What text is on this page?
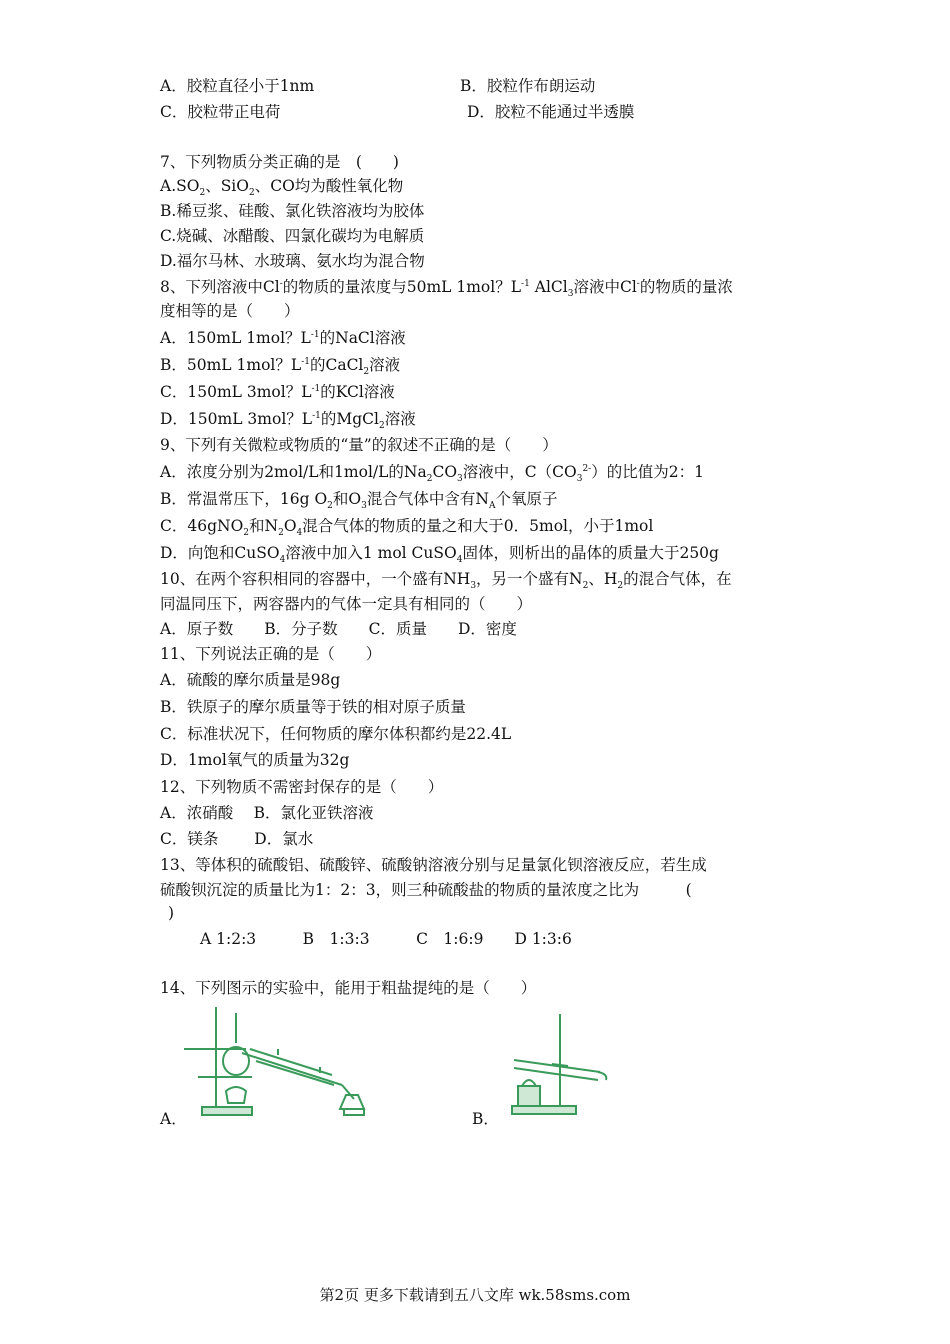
A．胶粒直径小于1nm	B．胶粒作布朗运动
C．胶粒带正电荷	D．胶粒不能通过半透膜
7、下列物质分类正确的是　(　　)
$A.SO_2$、SiO$_2$、CO均为酸性氧化物
B.稀豆浆、硅酸、氯化铁溶液均为胶体
C.烧碱、冰醋酸、四氯化碳均为电解质
D.福尔马林、水玻璃、氨水均为混合物
8、下列溶液中Cl-的物质的量浓度与50mL 1mol？$L^{-1}$ AlCl$_3$溶液中Cl-的物质的量浓
度相等的是（　　）
A．150mL 1mol？$L^{-1}$的NaCl溶液
B．50mL 1mol？$L^{-1}$的CaCl$_2$溶液
C．150mL 3mol？$L^{-1}$的KCl溶液
D．150mL 3mol？$L^{-1}$的MgCl$_2$溶液
9、下列有关微粒或物质的“量”的叙述不正确的是（　　）
A．浓度分别为2mol/L和1mol/L的$Na_2CO_3$溶液中，$C(CO_3^{2-})$的比值为2：1
B．常温常压下，16g $O_2$和$O_3$混合气体中含有$N_A$个氧原子
C．46gNO$_2$和$N_2O_4$混合气体的物质的量之和大于0．5mol，小于1mol
D．向饱和CuSO$_4$溶液中加入1 mol CuSO$_4$固体，则析出的晶体的质量大于250g
10、在两个容积相同的容器中，一个盛有$NH_3$，另一个盛有$N_2$、$H_2$的混合气体，在
同温同压下，两容器内的气体一定具有相同的（　　）
A．原子数　　B．分子数　　C．质量　　D．密度
11、下列说法正确的是（　　）
A．硫酸的摩尔质量是98g
B．铁原子的摩尔质量等于铁的相对原子质量
C．标准状况下，任何物质的摩尔体积都约是22.4L
D．1mol氧气的质量为32g
12、下列物质不需密封保存的是（　　）
A．浓硝酸　 B．氯化亚铁溶液
C．镁条　　 D．氯水
13、等体积的硫酸铝、硫酸锌、硫酸钠溶液分别与足量氯化钡溶液反应，若生成
硫酸钡沉淀的质量比为1：2：3，则三种硫酸盐的物质的量浓度之比为　　　(
)
A 1:2:3　　　B　1:3:3　　　C　1:6:9　　D 1:3:6
14、下列图示的实验中，能用于粗盐提纯的是（　　）
A．	B．
第2页 更多下载请到五八文库 wk.58sms.com
